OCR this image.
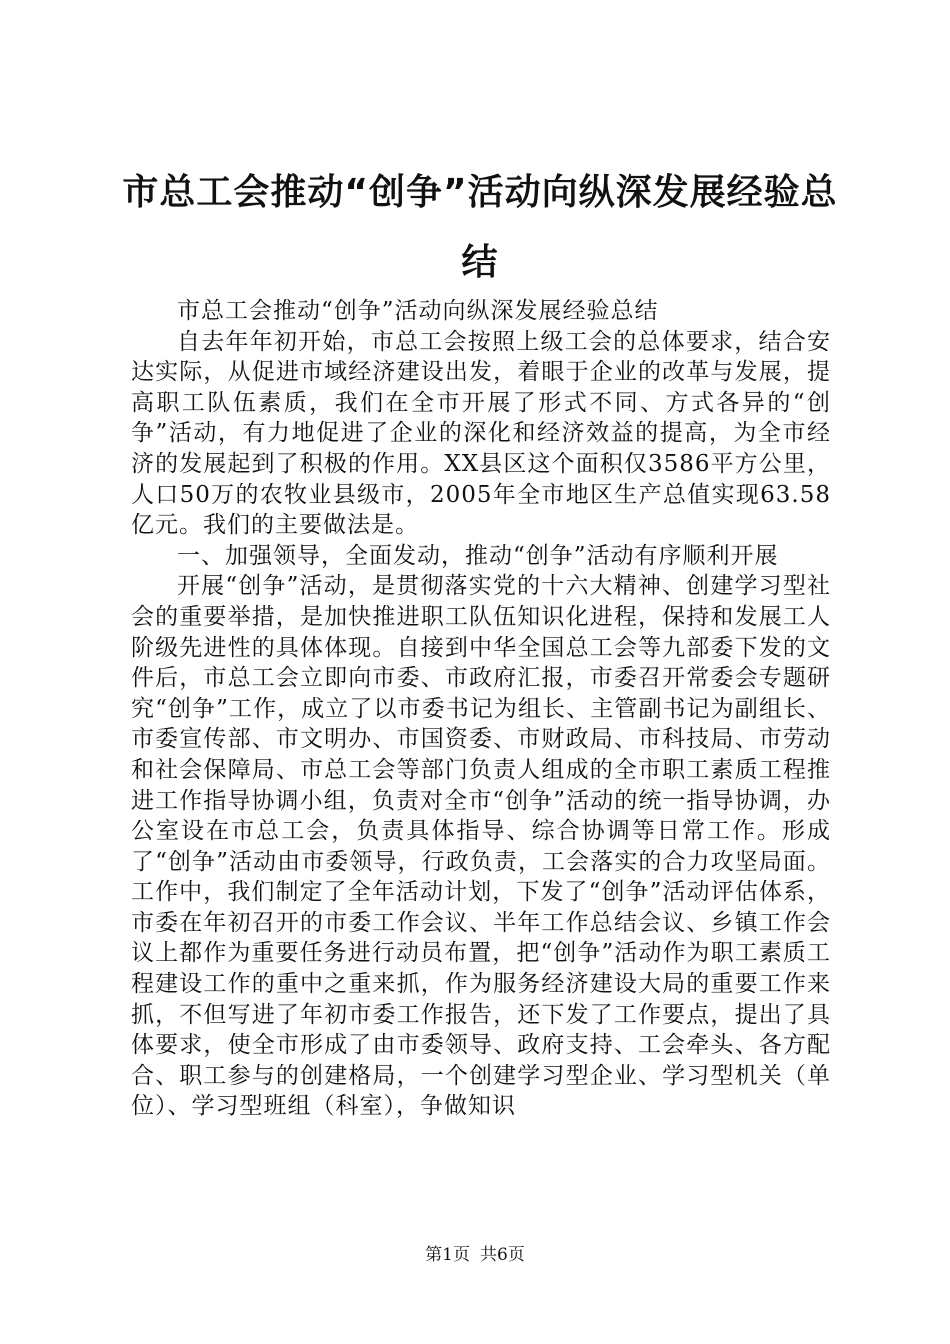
市总工会推动“创争”活动向纵深发展经验总结

市总工会推动“创争”活动向纵深发展经验总结

自去年年初开始，市总工会按照上级工会的总体要求，结合安达实际，从促进市域经济建设出发，着眼于企业的改革与发展，提高职工队伍素质，我们在全市开展了形式不同、方式各异的“创争”活动，有力地促进了企业的深化和经济效益的提高，为全市经济的发展起到了积极的作用。XX县区这个面积仅3586平方公里，人口50万的农牧业县级市，2005年全市地区生产总值实现63.58亿元。我们的主要做法是。

一、加强领导，全面发动，推动“创争”活动有序顺利开展

开展“创争”活动，是贯彻落实党的十六大精神、创建学习型社会的重要举措，是加快推进职工队伍知识化进程，保持和发展工人阶级先进性的具体体现。自接到中华全国总工会等九部委下发的文件后，市总工会立即向市委、市政府汇报，市委召开常委会专题研究“创争”工作，成立了以市委书记为组长、主管副书记为副组长、市委宣传部、市文明办、市国资委、市财政局、市科技局、市劳动和社会保障局、市总工会等部门负责人组成的全市职工素质工程推进工作指导协调小组，负责对全市“创争”活动的统一指导协调，办公室设在市总工会，负责具体指导、综合协调等日常工作。形成了“创争”活动由市委领导，行政负责，工会落实的合力攻坚局面。工作中，我们制定了全年活动计划，下发了“创争”活动评估体系，市委在年初召开的市委工作会议、半年工作总结会议、乡镇工作会议上都作为重要任务进行动员布置，把“创争”活动作为职工素质工程建设工作的重中之重来抓，作为服务经济建设大局的重要工作来抓，不但写进了年初市委工作报告，还下发了工作要点，提出了具体要求，使全市形成了由市委领导、政府支持、工会牵头、各方配合、职工参与的创建格局，一个创建学习型企业、学习型机关（单位）、学习型班组（科室），争做知识

第1页 共6页
